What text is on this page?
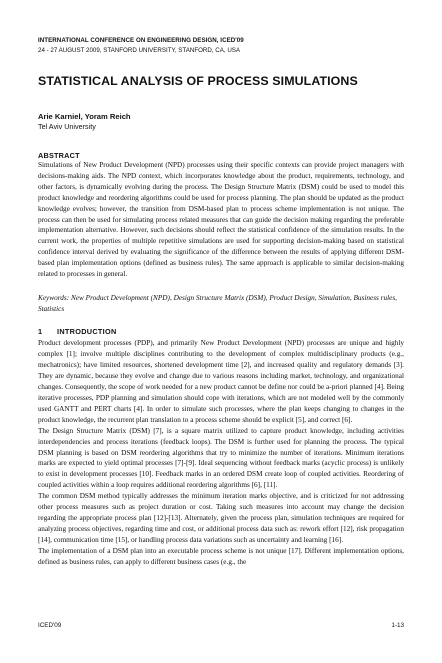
INTERNATIONAL CONFERENCE ON ENGINEERING DESIGN, ICED'09
24 - 27 AUGUST 2009, STANFORD UNIVERSITY, STANFORD, CA, USA
STATISTICAL ANALYSIS OF PROCESS SIMULATIONS
Arie Karniel, Yoram Reich
Tel Aviv University
ABSTRACT
Simulations of New Product Development (NPD) processes using their specific contexts can provide project managers with decisions-making aids. The NPD context, which incorporates knowledge about the product, requirements, technology, and other factors, is dynamically evolving during the process. The Design Structure Matrix (DSM) could be used to model this product knowledge and reordering algorithms could be used for process planning. The plan should be updated as the product knowledge evolves; however, the transition from DSM-based plan to process scheme implementation is not unique. The process can then be used for simulating process related measures that can guide the decision making regarding the preferable implementation alternative. However, such decisions should reflect the statistical confidence of the simulation results. In the current work, the properties of multiple repetitive simulations are used for supporting decision-making based on statistical confidence interval derived by evaluating the significance of the difference between the results of applying different DSM-based plan implementation options (defined as business rules). The same approach is applicable to similar decision-making related to processes in general.
Keywords: New Product Development (NPD), Design Structure Matrix (DSM), Product Design, Simulation, Business rules, Statistics
1 INTRODUCTION

Product development processes (PDP), and primarily New Product Development (NPD) processes are unique and highly complex [1]; involve multiple disciplines contributing to the development of complex multidisciplinary products (e.g., mechatronics); have limited resources, shortened development time [2], and increased quality and regulatory demands [3]. They are dynamic, because they evolve and change due to various reasons including market, technology, and organizational changes. Consequently, the scope of work needed for a new product cannot be define nor could be a-priori planned [4]. Being iterative processes, PDP planning and simulation should cope with iterations, which are not modeled well by the commonly used GANTT and PERT charts [4]. In order to simulate such processes, where the plan keeps changing to changes in the product knowledge, the recurrent plan translation to a process scheme should be explicit [5], and correct [6].

The Design Structure Matrix (DSM) [7], is a square matrix utilized to capture product knowledge, including activities interdependencies and process iterations (feedback loops). The DSM is further used for planning the process. The typical DSM planning is based on DSM reordering algorithms that try to minimize the number of iterations. Minimum iterations marks are expected to yield optimal processes [7]-[9]. Ideal sequencing without feedback marks (acyclic process) is unlikely to exist in development processes [10]. Feedback marks in an ordered DSM create loop of coupled activities. Reordering of coupled activities within a loop requires additional reordering algorithms [6], [11].

The common DSM method typically addresses the minimum iteration marks objective, and is criticized for not addressing other process measures such as project duration or cost. Taking such measures into account may change the decision regarding the appropriate process plan [12]-[13]. Alternately, given the process plan, simulation techniques are required for analyzing process objectives, regarding time and cost, or additional process data such as: rework effort [12], risk propagation [14], communication time [15], or handling process data variations such as uncertainty and learning [16].

The implementation of a DSM plan into an executable process scheme is not unique [17]. Different implementation options, defined as business rules, can apply to different business cases (e.g., the

ICED'09	1-13
